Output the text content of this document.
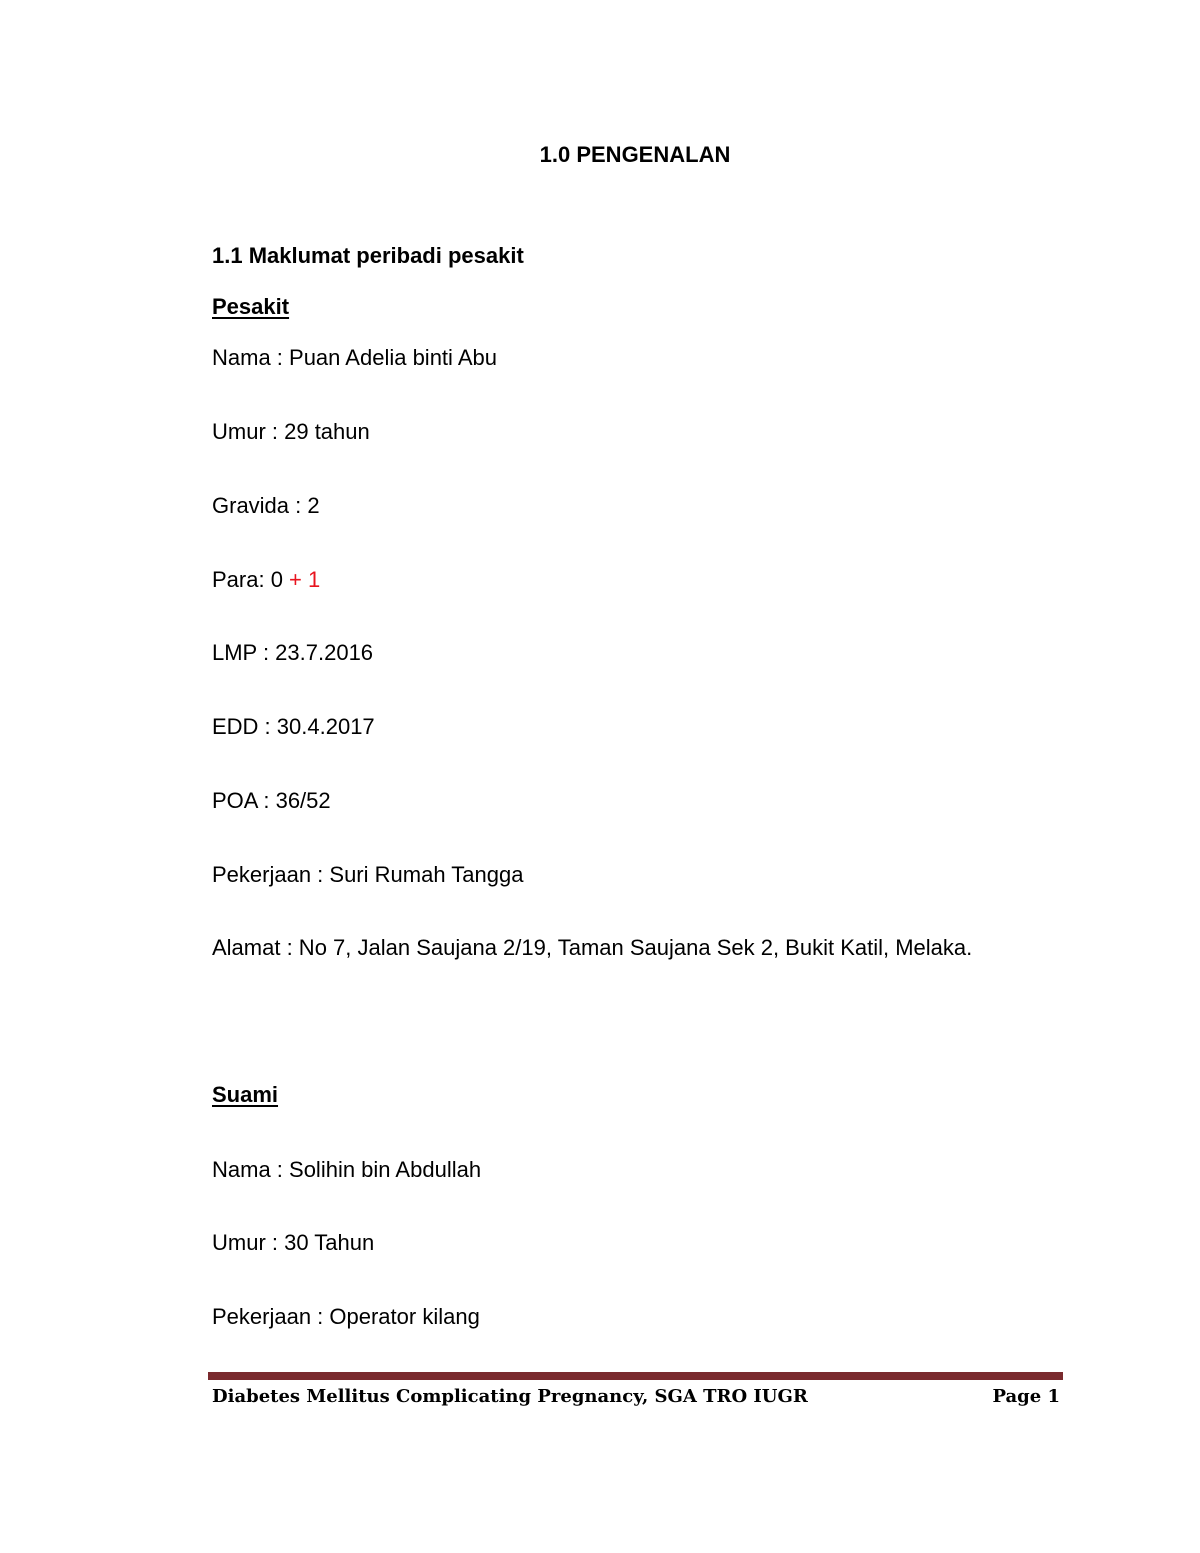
1.0 PENGENALAN
1.1 Maklumat peribadi pesakit
Pesakit
Nama : Puan Adelia binti Abu
Umur : 29 tahun
Gravida : 2
Para: 0 + 1
LMP : 23.7.2016
EDD : 30.4.2017
POA : 36/52
Pekerjaan : Suri Rumah Tangga
Alamat : No 7, Jalan Saujana 2/19, Taman Saujana Sek 2, Bukit Katil, Melaka.
Suami
Nama : Solihin bin Abdullah
Umur : 30 Tahun
Pekerjaan : Operator kilang
Diabetes Mellitus Complicating Pregnancy, SGA TRO IUGR	Page 1
